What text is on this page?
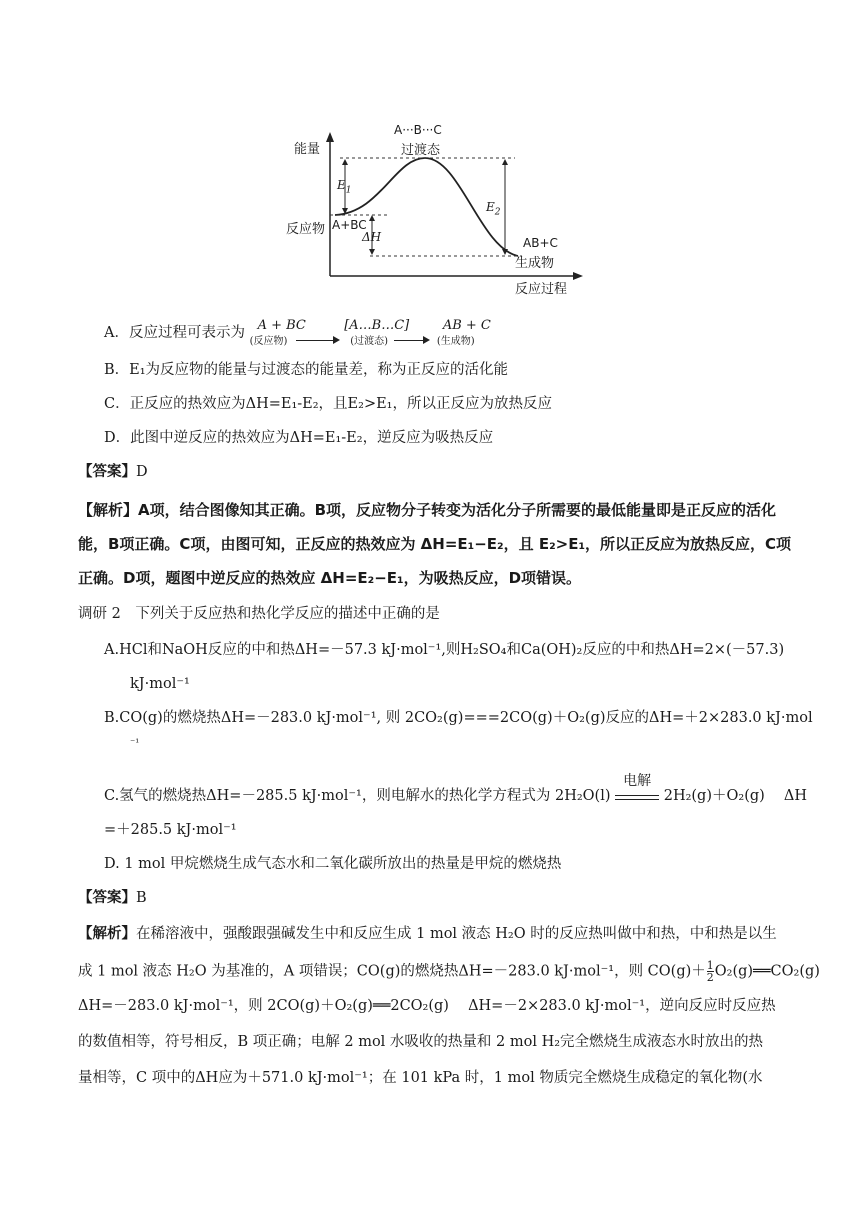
能量
A···B···C
过渡态
反应物 A+BC
$E_1$
$E_2$
ΔH	AB+C
生成物
反应过程
A．反应过程可表示为 A + BC
(反应物)

[A…B…C]
(过渡态)

AB + C
(生成物)
B．E₁为反应物的能量与过渡态的能量差，称为正反应的活化能
C．正反应的热效应为ΔH=E₁-E₂，且E₂>E₁，所以正反应为放热反应
D．此图中逆反应的热效应为ΔH=E₁-E₂，逆反应为吸热反应
【答案】D
【解析】A项，结合图像知其正确。B项，反应物分子转变为活化分子所需要的最低能量即是正反应的活化
能，B项正确。C项，由图可知，正反应的热效应为 ΔH=E₁−E₂，且 E₂>E₁，所以正反应为放热反应，C项
正确。D项，题图中逆反应的热效应 ΔH=E₂−E₁，为吸热反应，D项错误。
调研 2　下列关于反应热和热化学反应的描述中正确的是
A.HCl和NaOH反应的中和热ΔH=－57.3 kJ·mol⁻¹,则H₂SO₄和Ca(OH)₂反应的中和热ΔH=2×(－57.3)
kJ·mol⁻¹
B.CO(g)的燃烧热ΔH=－283.0 kJ·mol⁻¹, 则 2CO₂(g)===2CO(g)＋O₂(g)反应的ΔH=＋2×283.0 kJ·mol
⁻¹
C.氢气的燃烧热ΔH=－285.5 kJ·mol⁻¹，则电解水的热化学方程式为 2H₂O(l)
电解
2H₂(g)＋O₂(g)　 ΔH
=＋285.5 kJ·mol⁻¹
D. 1 mol 甲烷燃烧生成气态水和二氧化碳所放出的热量是甲烷的燃烧热
【答案】B
【解析】在稀溶液中，强酸跟强碱发生中和反应生成 1 mol 液态 H₂O 时的反应热叫做中和热，中和热是以生
成 1 mol 液态 H₂O 为基准的，A 项错误；CO(g)的燃烧热ΔH=－283.0 kJ·mol⁻¹，则 $CO(g)+ \frac{1}{2}$ O₂(g)══CO₂(g)
ΔH=－283.0 kJ·mol⁻¹，则 2CO(g)＋O₂(g)══2CO₂(g)　 ΔH=－2×283.0 kJ·mol⁻¹，逆向反应时反应热
的数值相等，符号相反，B 项正确；电解 2 mol 水吸收的热量和 2 mol H₂完全燃烧生成液态水时放出的热
量相等，C 项中的ΔH应为＋571.0 kJ·mol⁻¹；在 101 kPa 时，1 mol 物质完全燃烧生成稳定的氧化物(水
